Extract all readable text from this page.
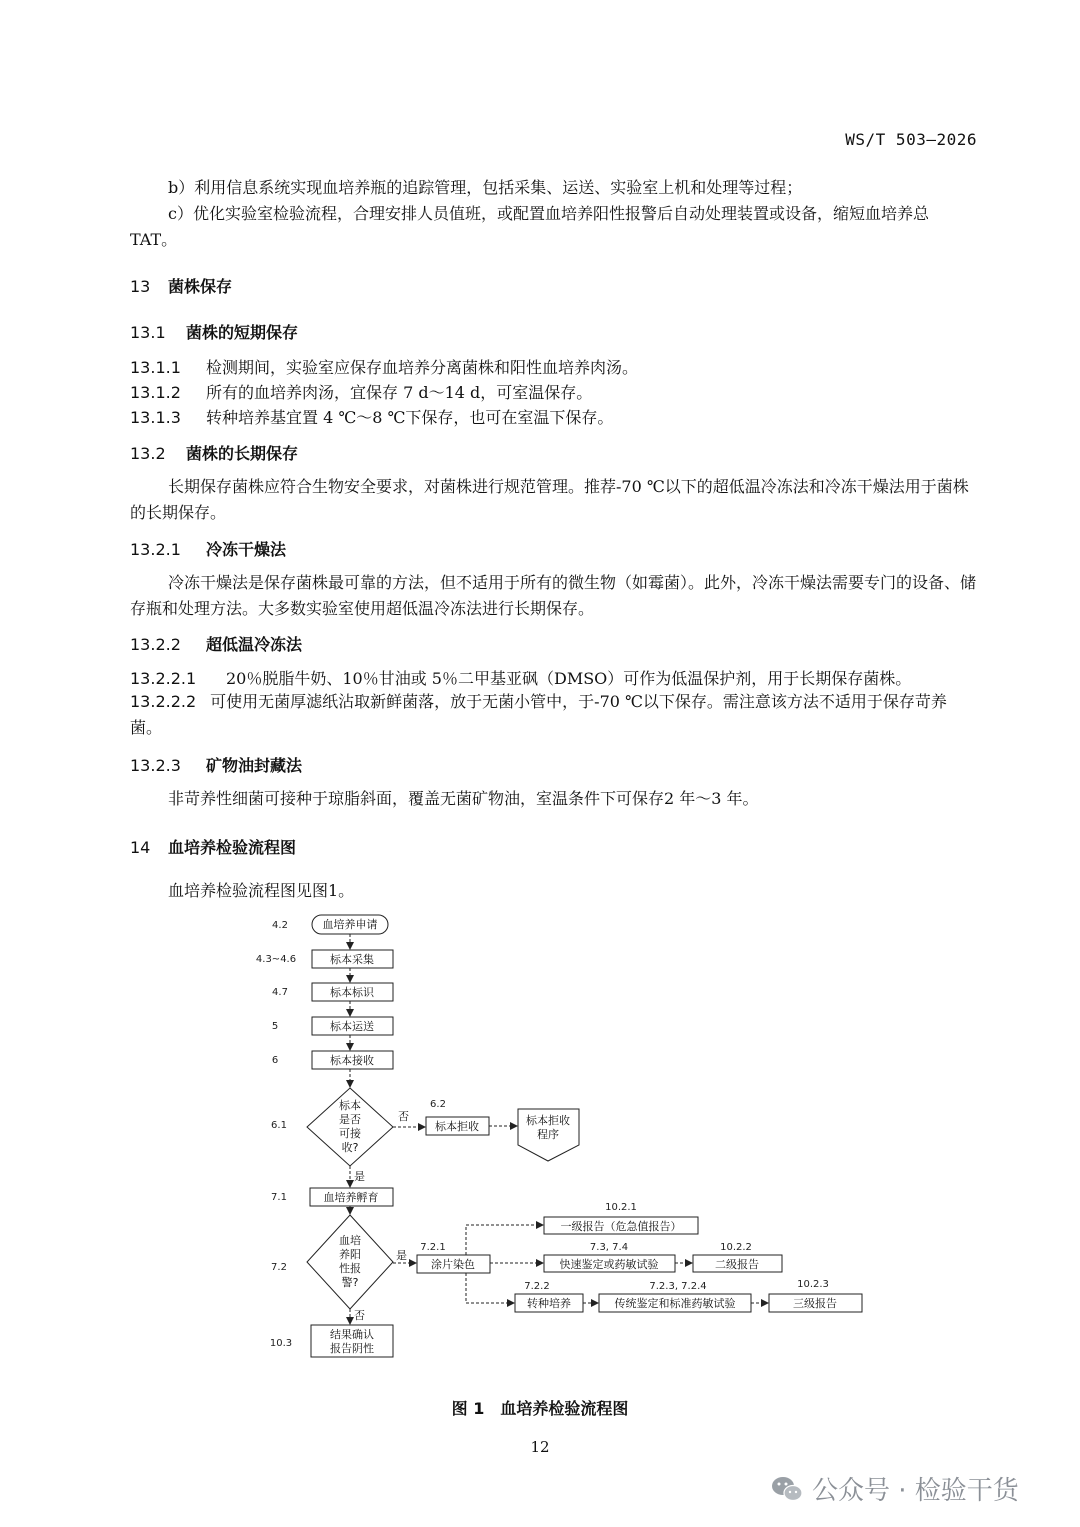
WS/T 503—2026
b）利用信息系统实现血培养瓶的追踪管理，包括采集、运送、实验室上机和处理等过程；
c）优化实验室检验流程，合理安排人员值班，或配置血培养阳性报警后自动处理装置或设备，缩短血培养总 TAT。
13 菌株保存
13.1 菌株的短期保存
13.1.1 检测期间，实验室应保存血培养分离菌株和阳性血培养肉汤。
13.1.2 所有的血培养肉汤，宜保存 7 d～14 d，可室温保存。
13.1.3 转种培养基宜置 4 ℃～8 ℃下保存，也可在室温下保存。
13.2 菌株的长期保存
长期保存菌株应符合生物安全要求，对菌株进行规范管理。推荐-70 ℃以下的超低温冷冻法和冷冻干燥法用于菌株的长期保存。
13.2.1 冷冻干燥法
冷冻干燥法是保存菌株最可靠的方法，但不适用于所有的微生物（如霉菌）。此外，冷冻干燥法需要专门的设备、储存瓶和处理方法。大多数实验室使用超低温冷冻法进行长期保存。
13.2.2 超低温冷冻法
13.2.2.1 20％脱脂牛奶、10％甘油或 5％二甲基亚砜（DMSO）可作为低温保护剂，用于长期保存菌株。
13.2.2.2 可使用无菌厚滤纸沾取新鲜菌落，放于无菌小管中，于-70 ℃以下保存。需注意该方法不适用于保存苛养菌。
13.2.3 矿物油封藏法
非苛养性细菌可接种于琼脂斜面，覆盖无菌矿物油，室温条件下可保存2 年～3 年。
14 血培养检验流程图
血培养检验流程图见图1。
4.2
4.3~4.6
4.7
5
6
6.1
7.1
7.2
10.3
血培养申请
标本采集
标本标识
标本运送
标本接收
标本
是否
可接
收?
标本拒收	标本拒收
程序
血培养孵育
血培
养阳
性报
警?
涂片染色
一级报告（危急值报告）
快速鉴定或药敏试验	二级报告
转种培养	传统鉴定和标准药敏试验	三级报告
结果确认
报告阴性
6.2
7.2.1
10.2.1
7.3, 7.4	10.2.2
7.2.2	7.2.3, 7.2.4	10.2.3
否
是
是
否
图 1　血培养检验流程图
12
公众号 · 检验干货
